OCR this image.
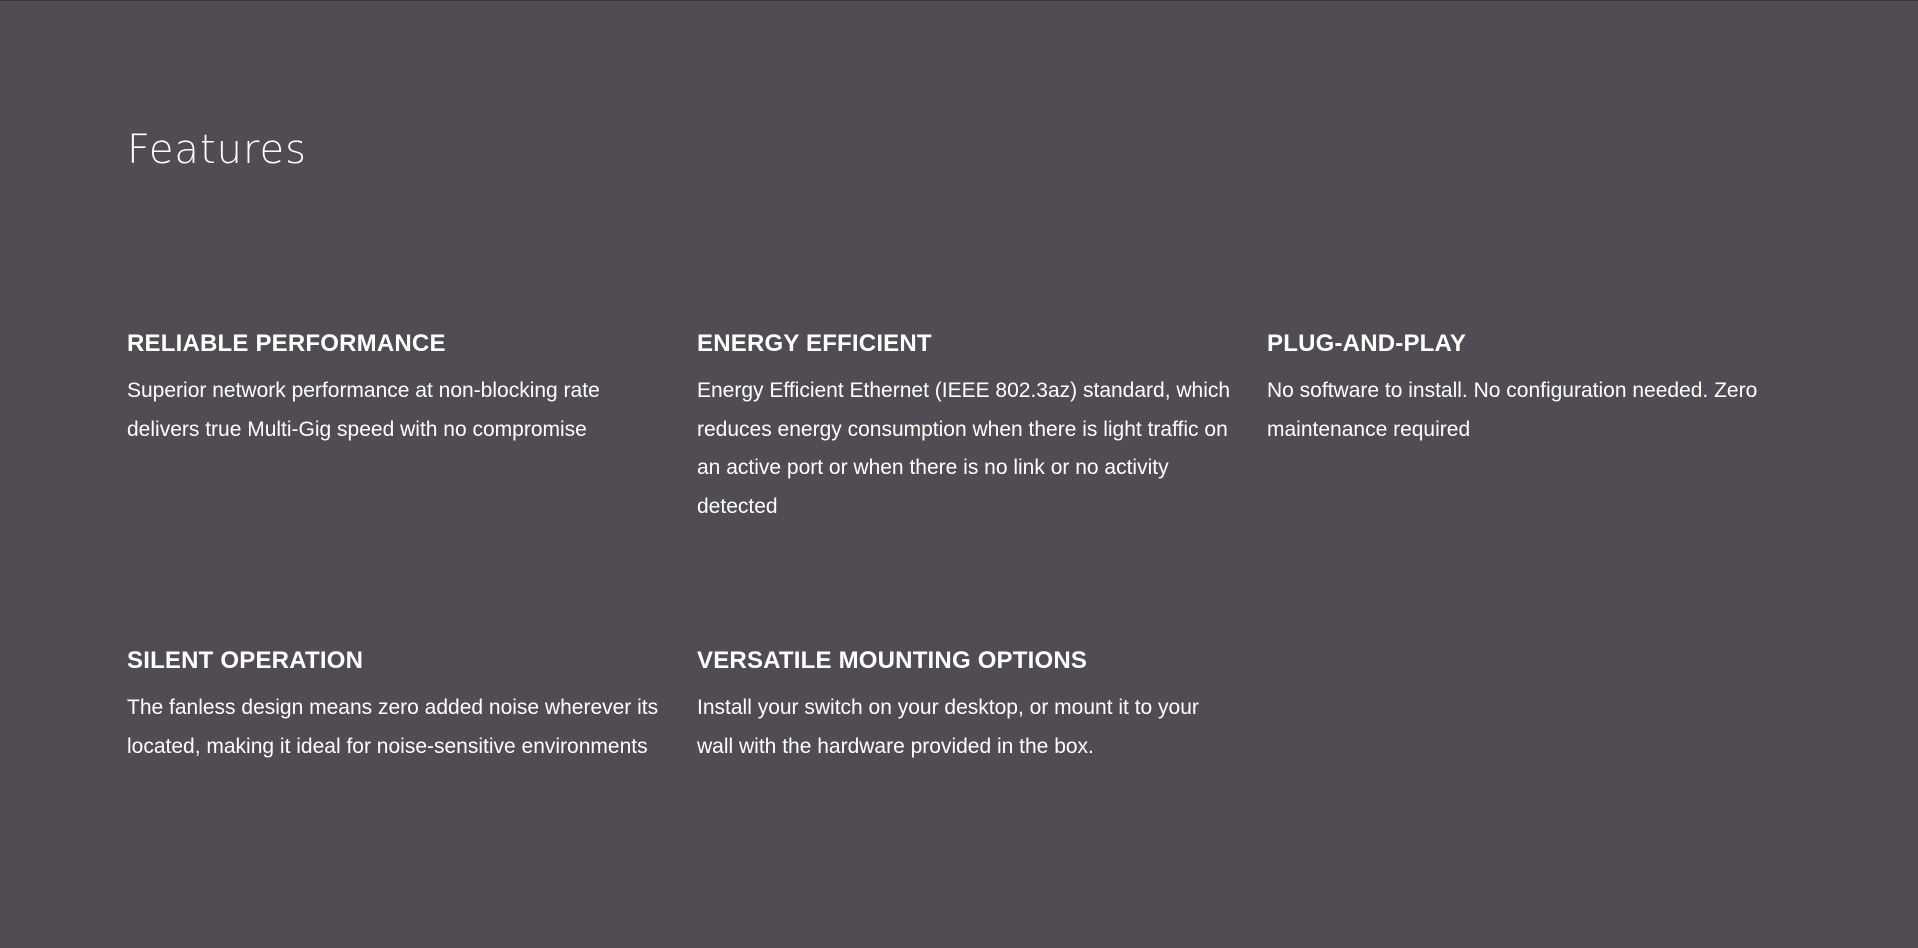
Features
RELIABLE PERFORMANCE

Superior network performance at non-blocking rate delivers true Multi-Gig speed with no compromise

ENERGY EFFICIENT

Energy Efficient Ethernet (IEEE 802.3az) standard, which reduces energy consumption when there is light traffic on an active port or when there is no link or no activity detected

PLUG-AND-PLAY

No software to install. No configuration needed. Zero maintenance required

SILENT OPERATION

The fanless design means zero added noise wherever its located, making it ideal for noise-sensitive environments

VERSATILE MOUNTING OPTIONS

Install your switch on your desktop, or mount it to your wall with the hardware provided in the box.
